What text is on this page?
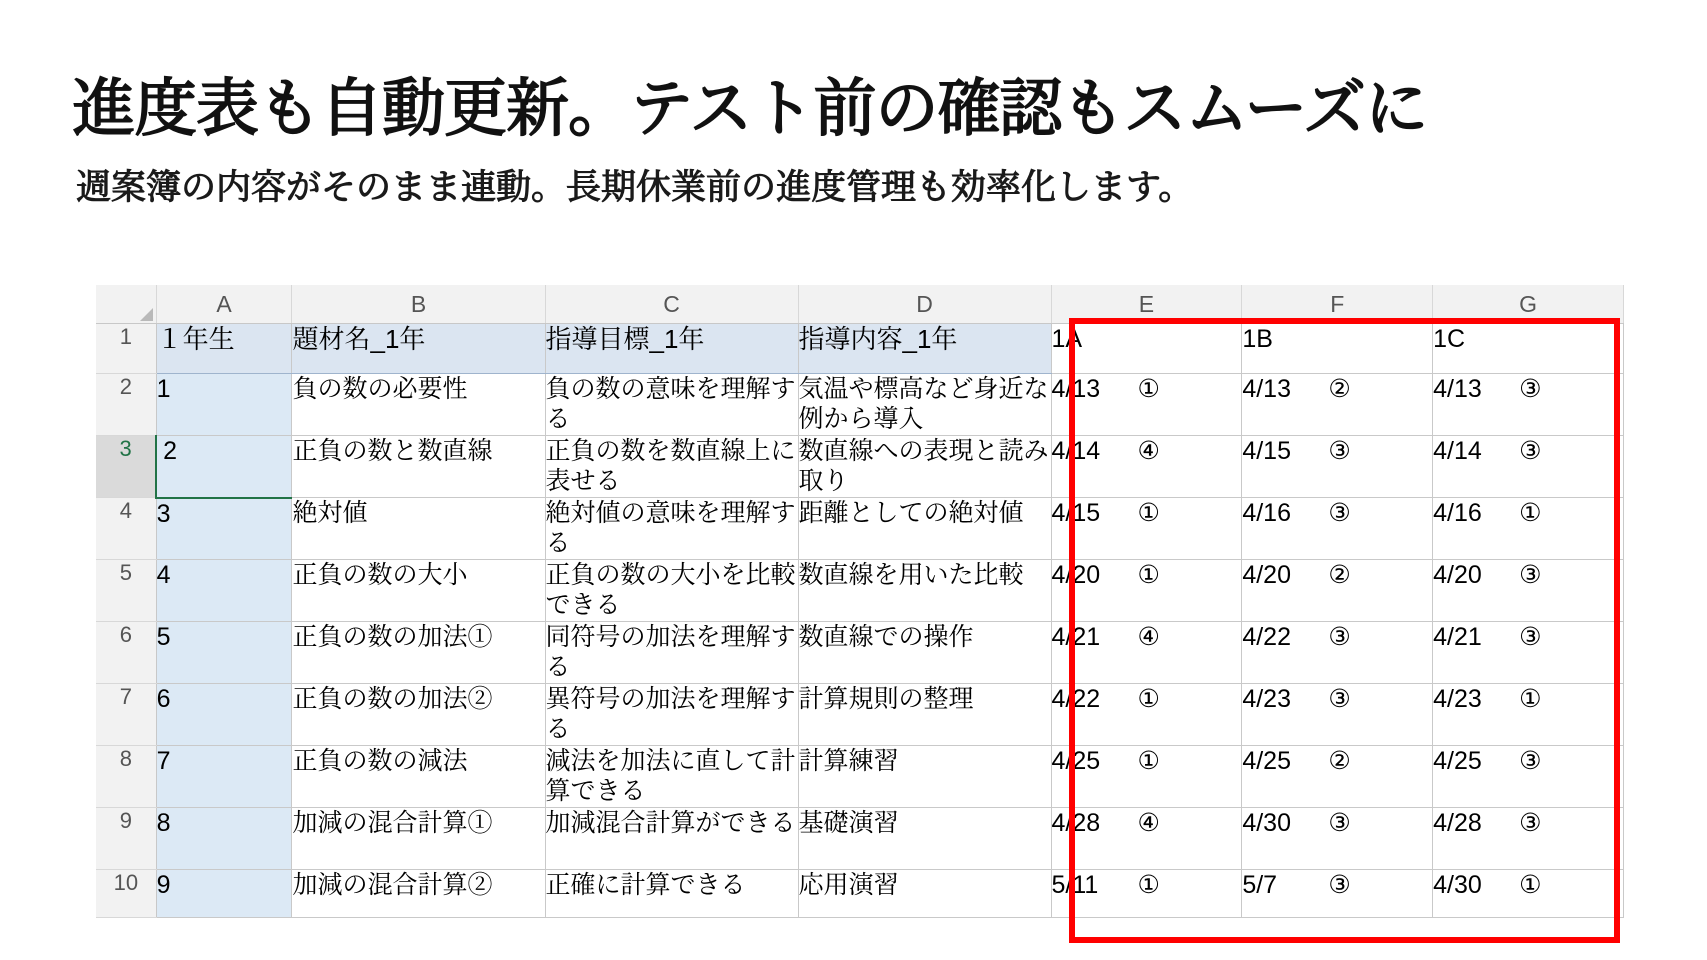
進度表も自動更新。テスト前の確認もスムーズに
週案簿の内容がそのまま連動。長期休業前の進度管理も効率化します。
	A	B	C	D	E	F	G
1	１年生	題材名_1年	指導目標_1年	指導内容_1年	1A	1B	1C
2	1	負の数の必要性	負の数の意味を理解する	気温や標高など身近な例から導入	4/13 ①	4/13 ②	4/13 ③
3	2	正負の数と数直線	正負の数を数直線上に表せる	数直線への表現と読み取り	4/14 ④	4/15 ③	4/14 ③
4	3	絶対値	絶対値の意味を理解する	距離としての絶対値	4/15 ①	4/16 ③	4/16 ①
5	4	正負の数の大小	正負の数の大小を比較できる	数直線を用いた比較	4/20 ①	4/20 ②	4/20 ③
6	5	正負の数の加法①	同符号の加法を理解する	数直線での操作	4/21 ④	4/22 ③	4/21 ③
7	6	正負の数の加法②	異符号の加法を理解する	計算規則の整理	4/22 ①	4/23 ③	4/23 ①
8	7	正負の数の減法	減法を加法に直して計算できる	計算練習	4/25 ①	4/25 ②	4/25 ③
9	8	加減の混合計算①	加減混合計算ができる	基礎演習	4/28 ④	4/30 ③	4/28 ③
10	9	加減の混合計算②	正確に計算できる	応用演習	5/11 ①	5/7 ③	4/30 ①
